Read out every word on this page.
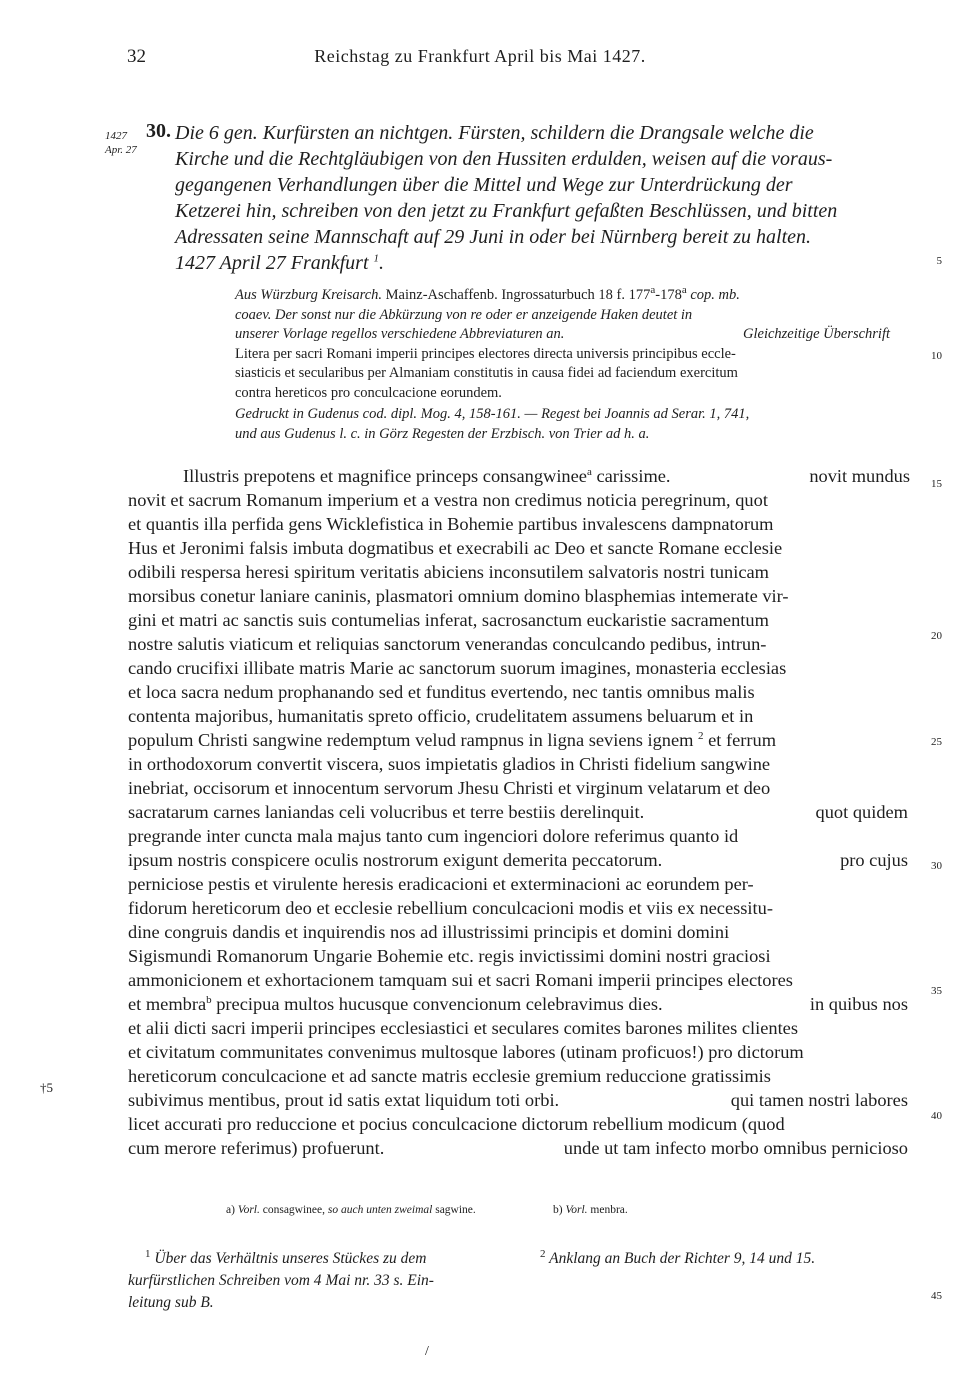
32	Reichstag zu Frankfurt April bis Mai 1427.
1427
Apr. 27
5
10
15
20
25
30
35
40
45
30. Die 6 gen. Kurfürsten an nichtgen. Fürsten, schildern die Drangsale welche die
Kirche und die Rechtgläubigen von den Hussiten erdulden, weisen auf die voraus-
gegangenen Verhandlungen über die Mittel und Wege zur Unterdrückung der
Ketzerei hin, schreiben von den jetzt zu Frankfurt gefaßten Beschlüssen, und bitten
Adressaten seine Mannschaft auf 29 Juni in oder bei Nürnberg bereit zu halten.
1427 April 27 Frankfurt $^1$.
Aus Würzburg Kreisarch. Mainz-Aschaffenb. Ingrossaturbuch 18 f. 177$^a$-178$^a$ cop. mb.
coaev. Der sonst nur die Abkürzung von re oder er anzeigende Haken deutet in
unserer Vorlage regellos verschiedene Abbreviaturen an.	Gleichzeitige Überschrift
Litera per sacri Romani imperii principes electores directa universis principibus eccle-
siasticis et secularibus per Almaniam constitutis in causa fidei ad faciendum exercitum
contra hereticos pro conculcacione eorundem.
Gedruckt in Gudenus cod. dipl. Mog. 4, 158-161. — Regest bei Joannis ad Serar. 1, 741,
und aus Gudenus l. c. in Görz Regesten der Erzbisch. von Trier ad h. a.
Illustris prepotens et magnifice princeps consangwinee$^a$ carissime.	novit mundus
novit et sacrum Romanum imperium et a vestra non credimus noticia peregrinum, quot
et quantis illa perfida gens Wicklefistica in Bohemie partibus invalescens dampnatorum
Hus et Jeronimi falsis imbuta dogmatibus et execrabili ac Deo et sancte Romane ecclesie
odibili respersa heresi spiritum veritatis abiciens inconsutilem salvatoris nostri tunicam
morsibus conetur laniare caninis, plasmatori omnium domino blasphemias intemerate vir-
gini et matri ac sanctis suis contumelias inferat, sacrosanctum euckaristie sacramentum
nostre salutis viaticum et reliquias sanctorum venerandas conculcando pedibus, intrun-
cando crucifixi illibate matris Marie ac sanctorum suorum imagines, monasteria ecclesias
et loca sacra nedum prophanando sed et funditus evertendo, nec tantis omnibus malis
contenta majoribus, humanitatis spreto officio, crudelitatem assumens beluarum et in
populum Christi sangwine redemptum velud rampnus in ligna seviens ignem $^2$ et ferrum
in orthodoxorum convertit viscera, suos impietatis gladios in Christi fidelium sangwine
inebriat, occisorum et innocentum servorum Jhesu Christi et virginum velatarum et deo
sacratarum carnes laniandas celi volucribus et terre bestiis derelinquit.	quot quidem
pregrande inter cuncta mala majus tanto cum ingenciori dolore referimus quanto id
ipsum nostris conspicere oculis nostrorum exigunt demerita peccatorum.	pro cujus
perniciose pestis et virulente heresis eradicacioni et exterminacioni ac eorundem per-
fidorum hereticorum deo et ecclesie rebellium conculcacioni modis et viis ex necessitu-
dine congruis dandis et inquirendis nos ad illustrissimi principis et domini domini
Sigismundi Romanorum Ungarie Bohemie etc. regis invictissimi domini nostri graciosi
ammonicionem et exhortacionem tamquam sui et sacri Romani imperii principes electores
et membra$^b$ precipua multos hucusque convencionum celebravimus dies.	in quibus nos
et alii dicti sacri imperii principes ecclesiastici et seculares comites barones milites clientes
et civitatum communitates convenimus multosque labores (utinam proficuos!) pro dictorum
hereticorum conculcacione et ad sancte matris ecclesie gremium reduccione gratissimis
subivimus mentibus, prout id satis extat liquidum toti orbi.	qui tamen nostri labores
licet accurati pro reduccione et pocius conculcacione dictorum rebellium modicum (quod
cum merore referimus) profuerunt.	unde ut tam infecto morbo omnibus pernicioso
†5
/
a) Vorl. consagwinee, so auch unten zweimal sagwine.	b) Vorl. menbra.
$^1$ Über das Verhältnis unseres Stückes zu dem
kurfürstlichen Schreiben vom 4 Mai nr. 33 s. Ein-
leitung sub B.
$^2$ Anklang an Buch der Richter 9, 14 und 15.
